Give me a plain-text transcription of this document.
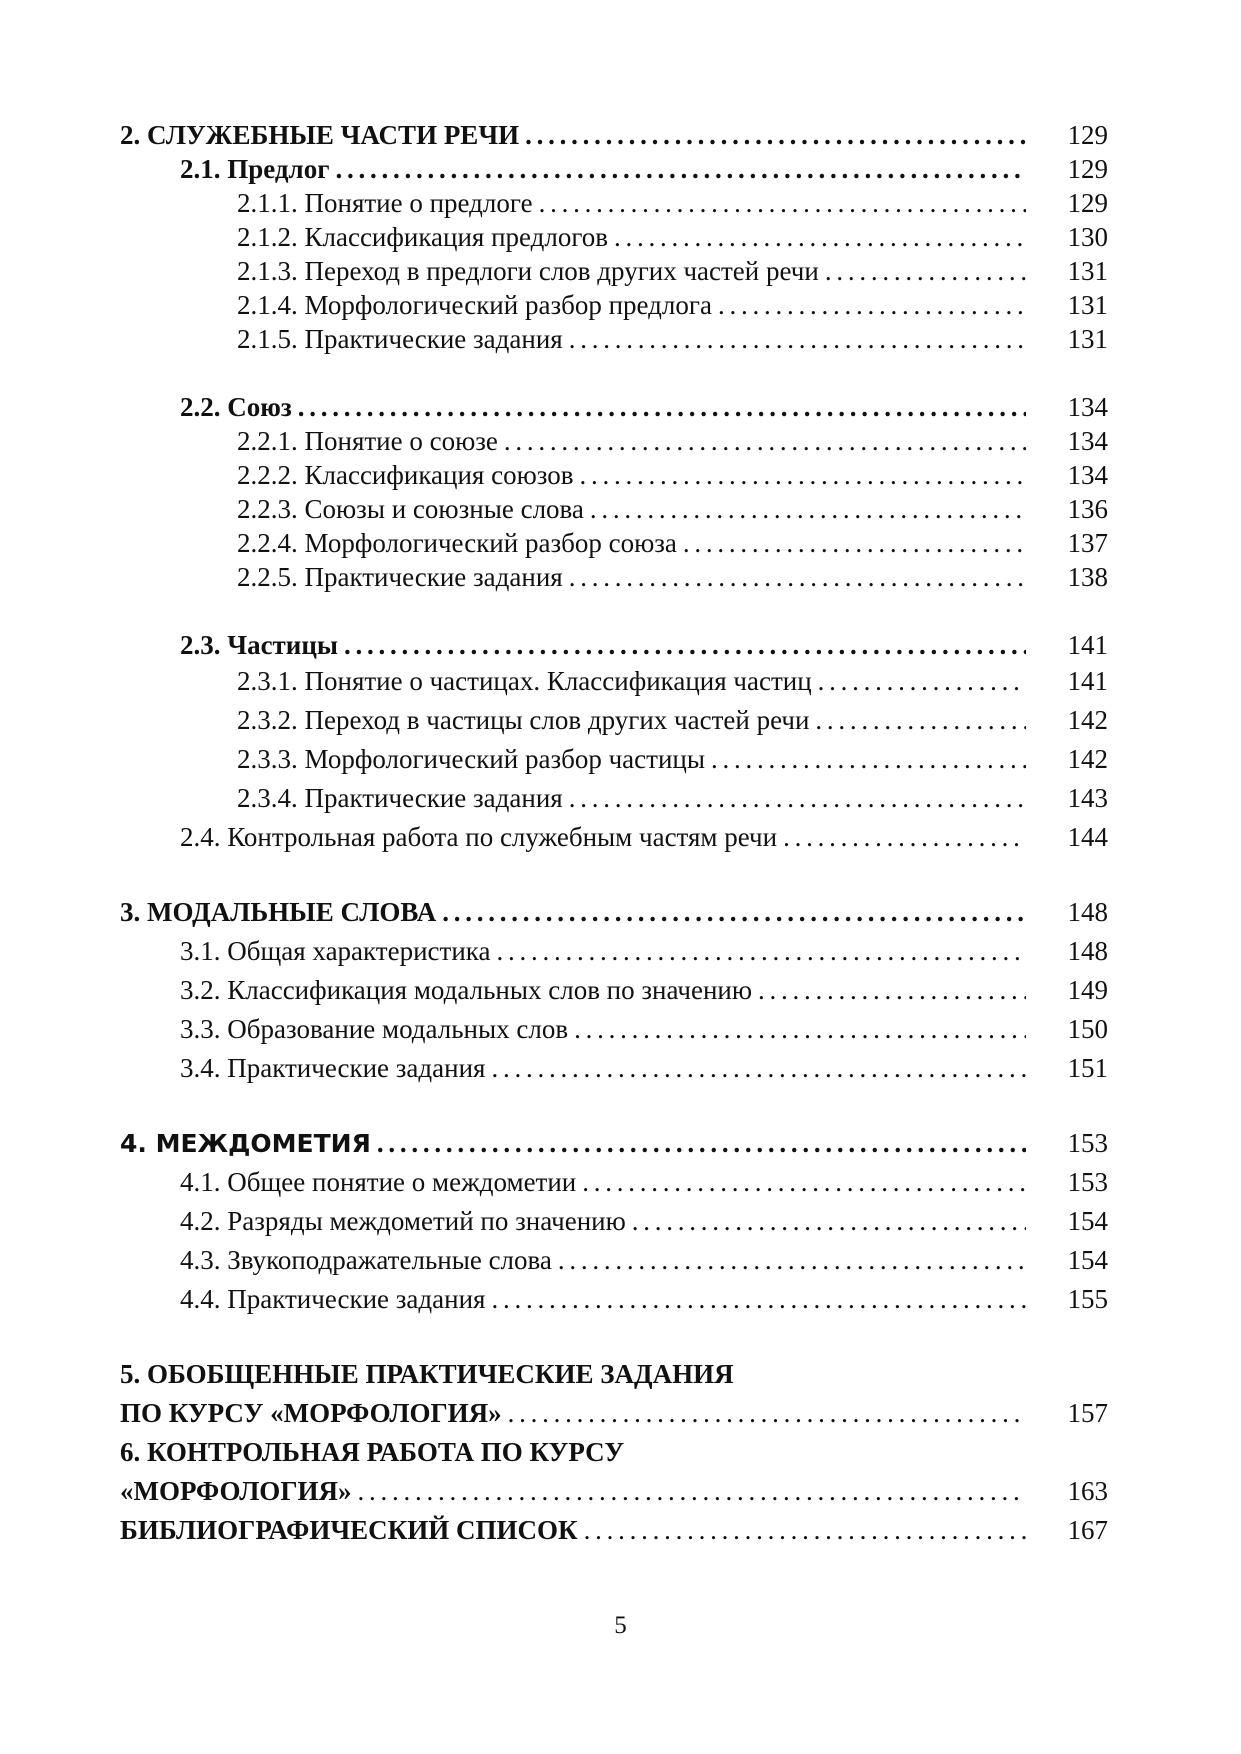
2. СЛУЖЕБНЫЕ ЧАСТИ РЕЧИ . . .	129
2.1. Предлог . . .	129
2.1.1. Понятие о предлоге . . .	129
2.1.2. Классификация предлогов . . .	130
2.1.3. Переход в предлоги слов других частей речи . . .	131
2.1.4. Морфологический разбор предлога . . .	131
2.1.5. Практические задания . . .	131
2.2. Союз . . .	134
2.2.1. Понятие о союзе . . .	134
2.2.2. Классификация союзов . . .	134
2.2.3. Союзы и союзные слова . . .	136
2.2.4. Морфологический разбор союза . . .	137
2.2.5. Практические задания . . .	138
2.3. Частицы . . .	141
2.3.1. Понятие о частицах. Классификация частиц . . .	141
2.3.2. Переход в частицы слов других частей речи . . .	142
2.3.3. Морфологический разбор частицы . . .	142
2.3.4. Практические задания . . .	143
2.4. Контрольная работа по служебным частям речи . . .	144
3. МОДАЛЬНЫЕ СЛОВА . . .	148
3.1. Общая характеристика . . .	148
3.2. Классификация модальных слов по значению . . .	149
3.3. Образование модальных слов . . .	150
3.4. Практические задания . . .	151
4. МЕЖДОМЕТИЯ . . .	153
4.1. Общее понятие о междометии . . .	153
4.2. Разряды междометий по значению . . .	154
4.3. Звукоподражательные слова . . .	154
4.4. Практические задания . . .	155
5. ОБОБЩЕННЫЕ ПРАКТИЧЕСКИЕ ЗАДАНИЯ
ПО КУРСУ «МОРФОЛОГИЯ» . . .	157
6. КОНТРОЛЬНАЯ РАБОТА ПО КУРСУ
«МОРФОЛОГИЯ» . . .	163
БИБЛИОГРАФИЧЕСКИЙ СПИСОК . . .	167
5
